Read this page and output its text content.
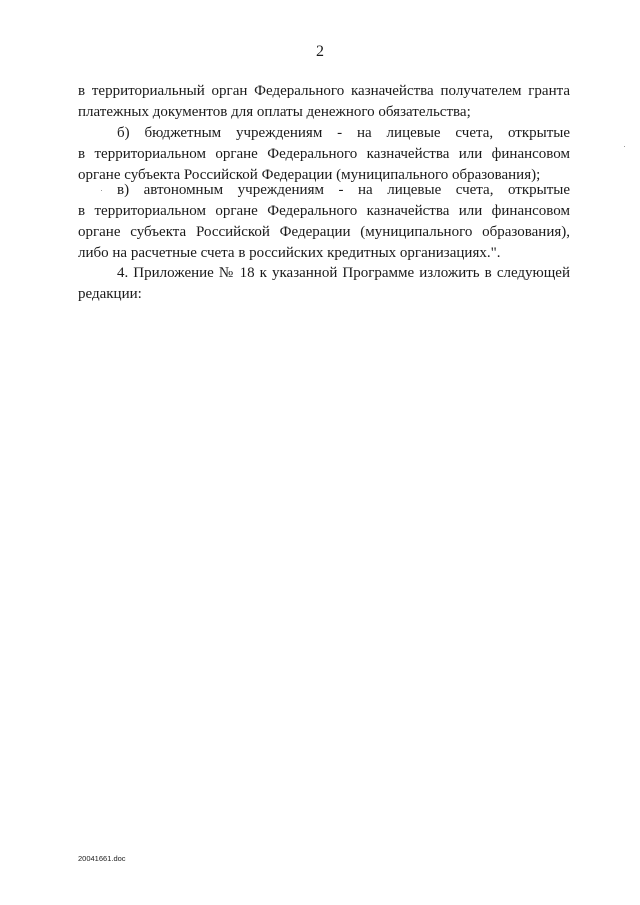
2
в территориальный орган Федерального казначейства получателем гранта
платежных документов для оплаты денежного обязательства;
б) бюджетным учреждениям - на лицевые счета, открытые
в территориальном органе Федерального казначейства или финансовом
органе субъекта Российской Федерации (муниципального образования);
в) автономным учреждениям - на лицевые счета, открытые
в территориальном органе Федерального казначейства или финансовом
органе субъекта Российской Федерации (муниципального образования),
либо на расчетные счета в российских кредитных организациях.".
4. Приложение № 18 к указанной Программе изложить в следующей
редакции:
20041661.doc
